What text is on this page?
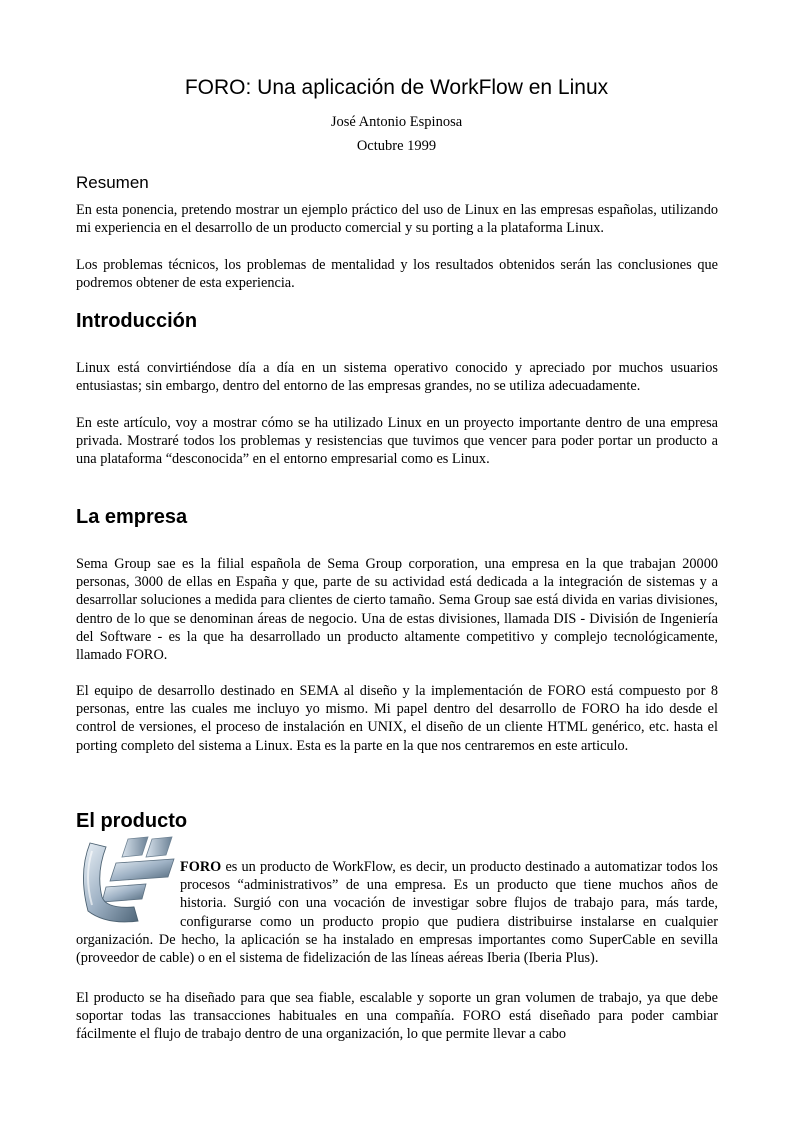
FORO: Una aplicación de WorkFlow en Linux
José Antonio Espinosa
Octubre 1999
Resumen

En esta ponencia, pretendo mostrar un ejemplo práctico del uso de Linux en las empresas españolas, utilizando mi experiencia en el desarrollo de un producto comercial y su porting a la plataforma Linux.

Los problemas técnicos, los problemas de mentalidad y los resultados obtenidos serán las conclusiones que podremos obtener de esta experiencia.

Introducción

Linux está convirtiéndose día a día en un sistema operativo conocido y apreciado por muchos usuarios entusiastas; sin embargo, dentro del entorno de las empresas grandes, no se utiliza adecuadamente.

En este artículo, voy a mostrar cómo se ha utilizado Linux en un proyecto importante dentro de una empresa privada. Mostraré todos los problemas y resistencias que tuvimos que vencer para poder portar un producto a una plataforma “desconocida” en el entorno empresarial como es Linux.

La empresa

Sema Group sae es la filial española de Sema Group corporation, una empresa en la que trabajan 20000 personas, 3000 de ellas en España y que, parte de su actividad está dedicada a la integración de sistemas y a desarrollar soluciones a medida para clientes de cierto tamaño. Sema Group sae está divida en varias divisiones, dentro de lo que se denominan áreas de negocio. Una de estas divisiones, llamada DIS - División de Ingeniería del Software - es la que ha desarrollado un producto altamente competitivo y complejo tecnológicamente, llamado FORO.

El equipo de desarrollo destinado en SEMA al diseño y la implementación de FORO está compuesto por 8 personas, entre las cuales me incluyo yo mismo. Mi papel dentro del desarrollo de FORO ha ido desde el control de versiones, el proceso de instalación en UNIX, el diseño de un cliente HTML genérico, etc. hasta el porting completo del sistema a Linux. Esta es la parte en la que nos centraremos en este articulo.

El producto

FORO es un producto de WorkFlow, es decir, un producto destinado a automatizar todos los procesos “administrativos” de una empresa. Es un producto que tiene muchos años de historia. Surgió con una vocación de investigar sobre flujos de trabajo para, más tarde, configurarse como un producto propio que pudiera distribuirse instalarse en cualquier organización. De hecho, la aplicación se ha instalado en empresas importantes como SuperCable en sevilla (proveedor de cable) o en el sistema de fidelización de las líneas aéreas Iberia (Iberia Plus).

El producto se ha diseñado para que sea fiable, escalable y soporte un gran volumen de trabajo, ya que debe soportar todas las transacciones habituales en una compañía. FORO está diseñado para poder cambiar fácilmente el flujo de trabajo dentro de una organización, lo que permite llevar a cabo
